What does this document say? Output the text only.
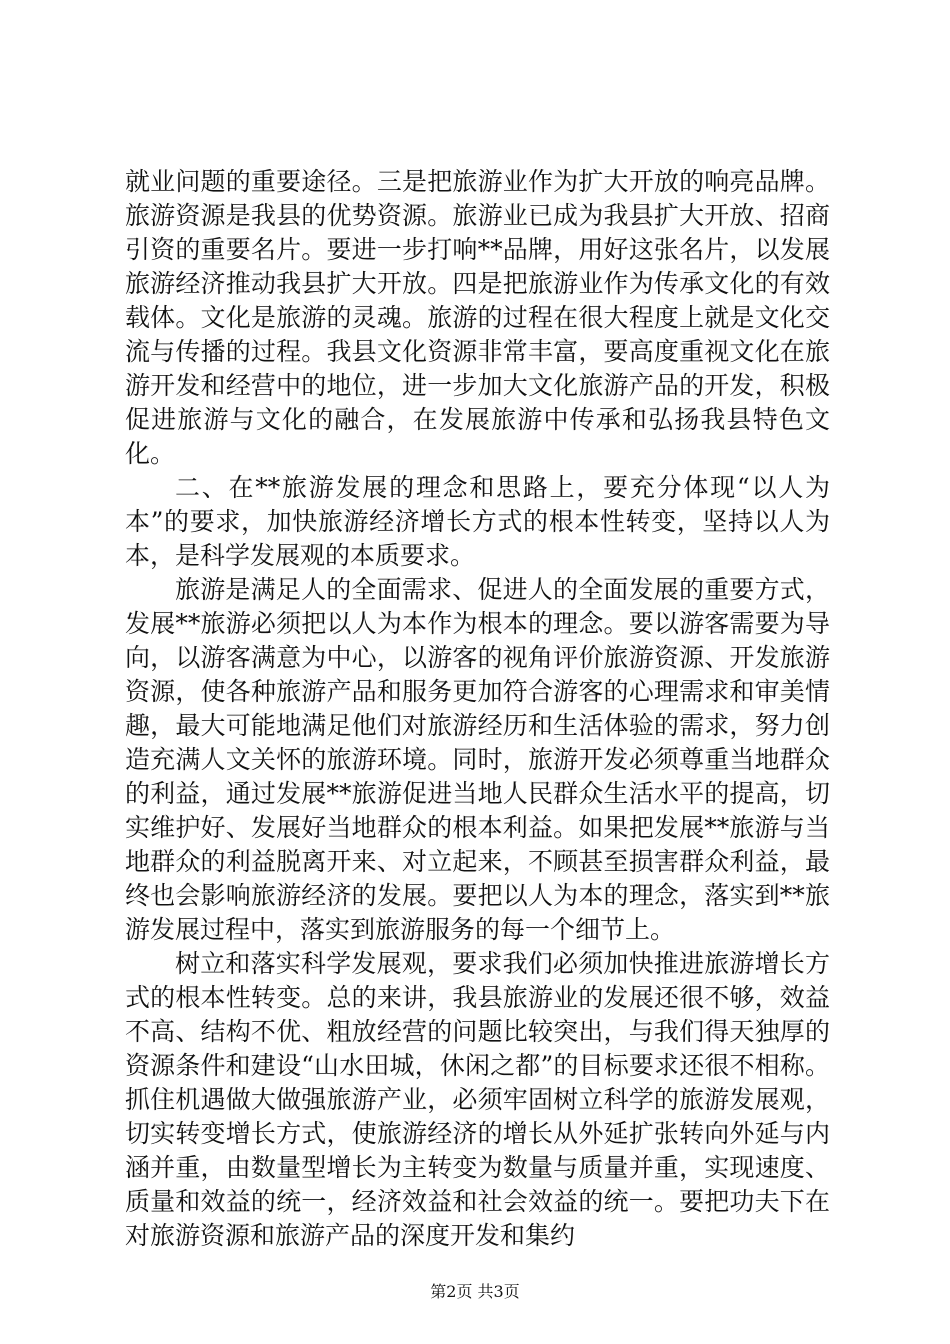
就业问题的重要途径。三是把旅游业作为扩大开放的响亮品牌。旅游资源是我县的优势资源。旅游业已成为我县扩大开放、招商引资的重要名片。要进一步打响**品牌，用好这张名片，以发展旅游经济推动我县扩大开放。四是把旅游业作为传承文化的有效载体。文化是旅游的灵魂。旅游的过程在很大程度上就是文化交流与传播的过程。我县文化资源非常丰富，要高度重视文化在旅游开发和经营中的地位，进一步加大文化旅游产品的开发，积极促进旅游与文化的融合，在发展旅游中传承和弘扬我县特色文化。

二、在**旅游发展的理念和思路上，要充分体现“以人为本”的要求，加快旅游经济增长方式的根本性转变，坚持以人为本，是科学发展观的本质要求。

旅游是满足人的全面需求、促进人的全面发展的重要方式，发展**旅游必须把以人为本作为根本的理念。要以游客需要为导向，以游客满意为中心，以游客的视角评价旅游资源、开发旅游资源，使各种旅游产品和服务更加符合游客的心理需求和审美情趣，最大可能地满足他们对旅游经历和生活体验的需求，努力创造充满人文关怀的旅游环境。同时，旅游开发必须尊重当地群众的利益，通过发展**旅游促进当地人民群众生活水平的提高，切实维护好、发展好当地群众的根本利益。如果把发展**旅游与当地群众的利益脱离开来、对立起来，不顾甚至损害群众利益，最终也会影响旅游经济的发展。要把以人为本的理念，落实到**旅游发展过程中，落实到旅游服务的每一个细节上。

树立和落实科学发展观，要求我们必须加快推进旅游增长方式的根本性转变。总的来讲，我县旅游业的发展还很不够，效益不高、结构不优、粗放经营的问题比较突出，与我们得天独厚的资源条件和建设“山水田城，休闲之都”的目标要求还很不相称。抓住机遇做大做强旅游产业，必须牢固树立科学的旅游发展观，切实转变增长方式，使旅游经济的增长从外延扩张转向外延与内涵并重，由数量型增长为主转变为数量与质量并重，实现速度、质量和效益的统一，经济效益和社会效益的统一。要把功夫下在对旅游资源和旅游产品的深度开发和集约

第2页 共3页
